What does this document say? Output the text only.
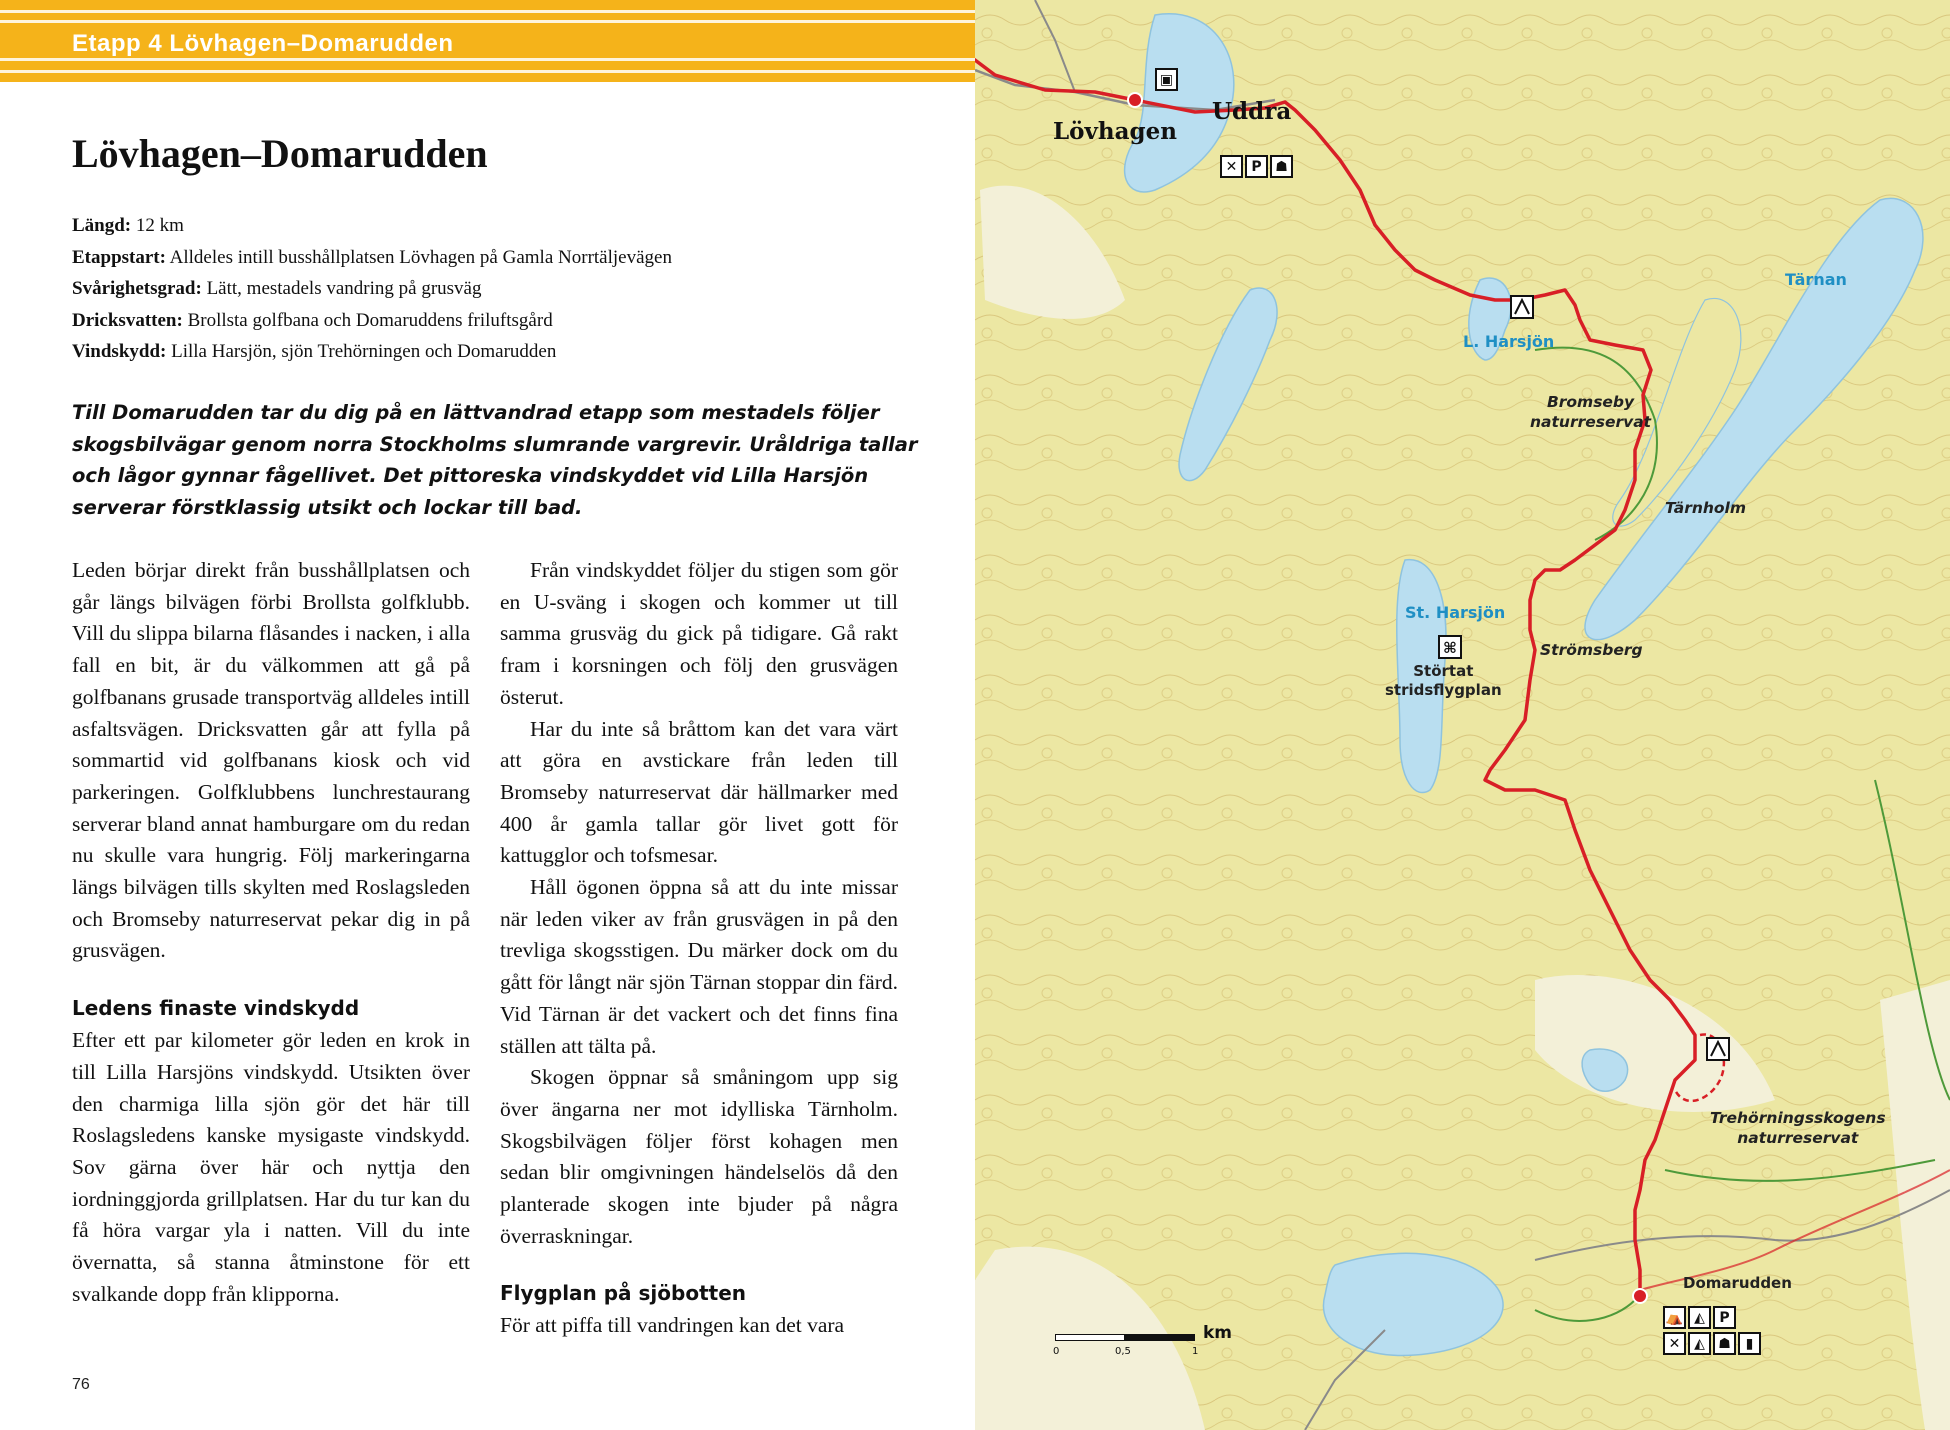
Etapp 4 Lövhagen–Domarudden
Lövhagen–Domarudden
Längd: 12 km
Etappstart: Alldeles intill busshållplatsen Lövhagen på Gamla Norrtäljevägen
Svårighetsgrad: Lätt, mestadels vandring på grusväg
Dricksvatten: Brollsta golfbana och Domaruddens friluftsgård
Vindskydd: Lilla Harsjön, sjön Trehörningen och Domarudden
Till Domarudden tar du dig på en lättvandrad etapp som mestadels följer skogsbilvägar genom norra Stockholms slumrande vargrevir. Uråldriga tallar och lågor gynnar fågellivet. Det pittoreska vindskyddet vid Lilla Harsjön serverar förstklassig utsikt och lockar till bad.

Leden börjar direkt från busshållplatsen och går längs bilvägen förbi Brollsta golfklubb. Vill du slippa bilarna flåsandes i nacken, i alla fall en bit, är du välkommen att gå på golfbanans grusade transportväg alldeles intill asfaltsvägen. Dricksvatten går att fylla på sommartid vid golfbanans kiosk och vid parkeringen. Golfklubbens lunchrestaurang serverar bland annat hamburgare om du redan nu skulle vara hungrig. Följ markeringarna längs bilvägen tills skylten med Roslagsleden och Bromseby naturreservat pekar dig in på grusvägen.

Ledens finaste vindskydd

Efter ett par kilometer gör leden en krok in till Lilla Harsjöns vindskydd. Utsikten över den charmiga lilla sjön gör det här till Roslagsledens kanske mysigaste vindskydd. Sov gärna över här och nyttja den iordninggjorda grillplatsen. Har du tur kan du få höra vargar yla i natten. Vill du inte övernatta, så stanna åtminstone för ett svalkande dopp från klipporna.

Från vindskyddet följer du stigen som gör en U-sväng i skogen och kommer ut till samma grusväg du gick på tidigare. Gå rakt fram i korsningen och följ den grusvägen österut.

Har du inte så bråttom kan det vara värt att göra en avstickare från leden till Bromseby naturreservat där hällmarker med 400 år gamla tallar gör livet gott för kattugglor och tofsmesar.

Håll ögonen öppna så att du inte missar när leden viker av från grusvägen in på den trevliga skogsstigen. Du märker dock om du gått för långt när sjön Tärnan stoppar din färd. Vid Tärnan är det vackert och det finns fina ställen att tälta på.

Skogen öppnar så småningom upp sig över ängarna ner mot idylliska Tärnholm. Skogsbilvägen följer först kohagen men sedan blir omgivningen händelselös då den planterade skogen inte bjuder på några överraskningar.

Flygplan på sjöbotten

För att piffa till vandringen kan det vara

76
⌘
Lövhagen
Uddra
Tärnan
L. Harsjön
Bromseby
naturreservat
Tärnholm
St. Harsjön
Störtat
stridsflygplan
Strömsberg
Trehörningsskogens
naturreservat
Domarudden
▣
✕	P ☗
⛺ ◭	P
✕ ◭ ☗	▮
0	0,5	1
km
